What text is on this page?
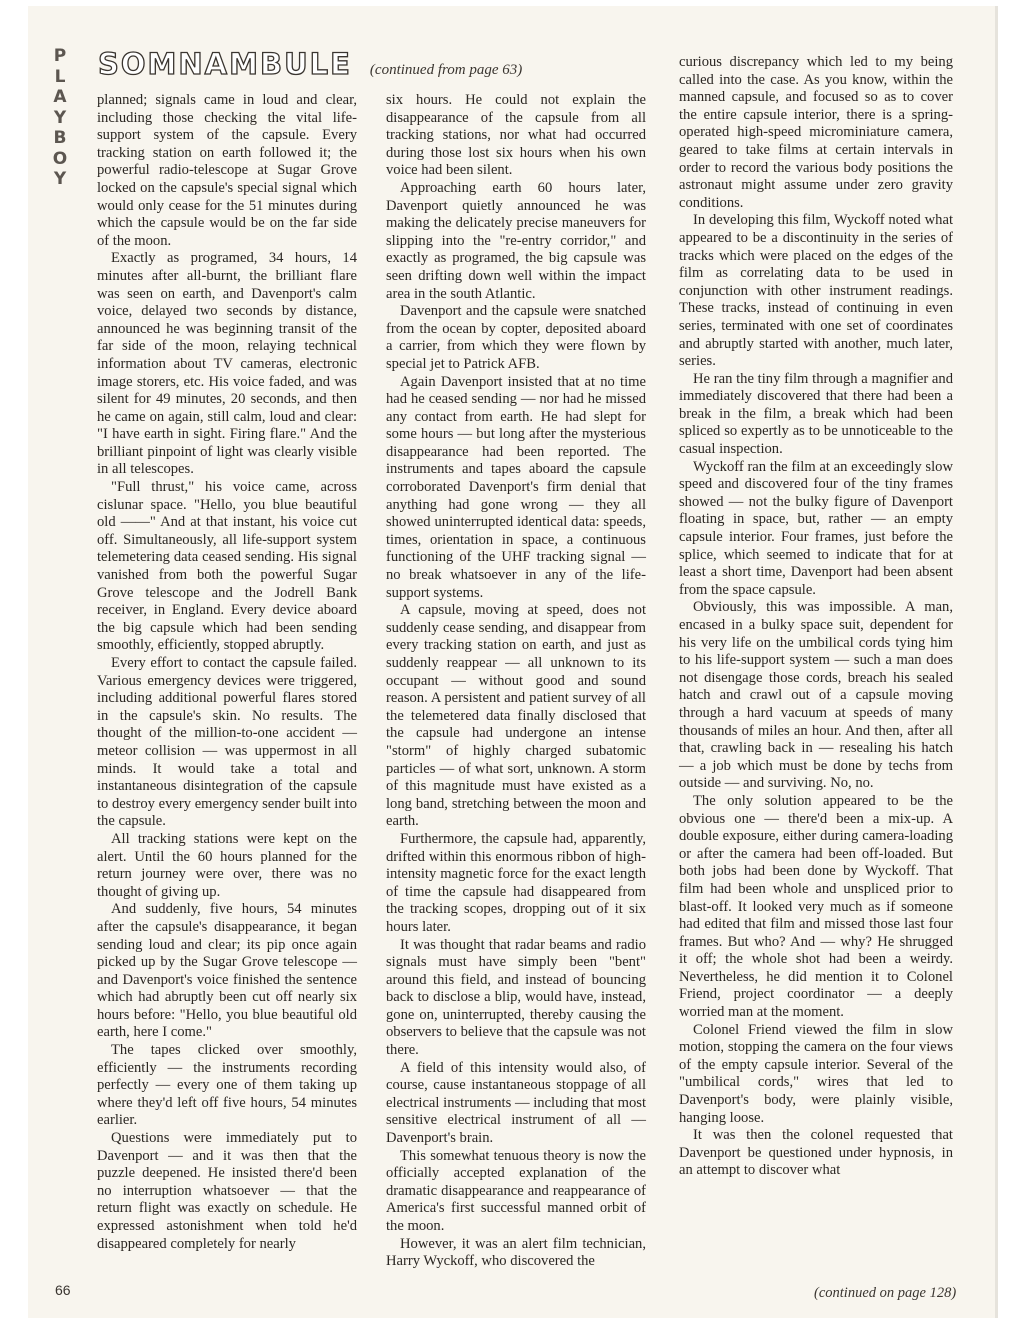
PLAYBOY
SOMNAMBULE (continued from page 63)

planned; signals came in loud and clear, including those checking the vital life-support system of the capsule. Every tracking station on earth followed it; the powerful radio-telescope at Sugar Grove locked on the capsule's special signal which would only cease for the 51 minutes during which the capsule would be on the far side of the moon.

Exactly as programed, 34 hours, 14 minutes after all-burnt, the brilliant flare was seen on earth, and Davenport's calm voice, delayed two seconds by distance, announced he was beginning transit of the far side of the moon, relaying technical information about TV cameras, electronic image storers, etc. His voice faded, and was silent for 49 minutes, 20 seconds, and then he came on again, still calm, loud and clear: "I have earth in sight. Firing flare." And the brilliant pinpoint of light was clearly visible in all telescopes.

"Full thrust," his voice came, across cislunar space. "Hello, you blue beautiful old ——" And at that instant, his voice cut off. Simultaneously, all life-support system telemetering data ceased sending. His signal vanished from both the powerful Sugar Grove telescope and the Jodrell Bank receiver, in England. Every device aboard the big capsule which had been sending smoothly, efficiently, stopped abruptly.

Every effort to contact the capsule failed. Various emergency devices were triggered, including additional powerful flares stored in the capsule's skin. No results. The thought of the million-to-one accident — meteor collision — was uppermost in all minds. It would take a total and instantaneous disintegration of the capsule to destroy every emergency sender built into the capsule.

All tracking stations were kept on the alert. Until the 60 hours planned for the return journey were over, there was no thought of giving up.

And suddenly, five hours, 54 minutes after the capsule's disappearance, it began sending loud and clear; its pip once again picked up by the Sugar Grove telescope — and Davenport's voice finished the sentence which had abruptly been cut off nearly six hours before: "Hello, you blue beautiful old earth, here I come."

The tapes clicked over smoothly, efficiently — the instruments recording perfectly — every one of them taking up where they'd left off five hours, 54 minutes earlier.

Questions were immediately put to Davenport — and it was then that the puzzle deepened. He insisted there'd been no interruption whatsoever — that the return flight was exactly on schedule. He expressed astonishment when told he'd disappeared completely for nearly

six hours. He could not explain the disappearance of the capsule from all tracking stations, nor what had occurred during those lost six hours when his own voice had been silent.

Approaching earth 60 hours later, Davenport quietly announced he was making the delicately precise maneuvers for slipping into the "re-entry corridor," and exactly as programed, the big capsule was seen drifting down well within the impact area in the south Atlantic.

Davenport and the capsule were snatched from the ocean by copter, deposited aboard a carrier, from which they were flown by special jet to Patrick AFB.

Again Davenport insisted that at no time had he ceased sending — nor had he missed any contact from earth. He had slept for some hours — but long after the mysterious disappearance had been reported. The instruments and tapes aboard the capsule corroborated Davenport's firm denial that anything had gone wrong — they all showed uninterrupted identical data: speeds, times, orientation in space, a continuous functioning of the UHF tracking signal — no break whatsoever in any of the life-support systems.

A capsule, moving at speed, does not suddenly cease sending, and disappear from every tracking station on earth, and just as suddenly reappear — all unknown to its occupant — without good and sound reason. A persistent and patient survey of all the telemetered data finally disclosed that the capsule had undergone an intense "storm" of highly charged subatomic particles — of what sort, unknown. A storm of this magnitude must have existed as a long band, stretching between the moon and earth.

Furthermore, the capsule had, apparently, drifted within this enormous ribbon of high-intensity magnetic force for the exact length of time the capsule had disappeared from the tracking scopes, dropping out of it six hours later.

It was thought that radar beams and radio signals must have simply been "bent" around this field, and instead of bouncing back to disclose a blip, would have, instead, gone on, uninterrupted, thereby causing the observers to believe that the capsule was not there.

A field of this intensity would also, of course, cause instantaneous stoppage of all electrical instruments — including that most sensitive electrical instrument of all — Davenport's brain.

This somewhat tenuous theory is now the officially accepted explanation of the dramatic disappearance and reappearance of America's first successful manned orbit of the moon.

However, it was an alert film technician, Harry Wyckoff, who discovered the

curious discrepancy which led to my being called into the case. As you know, within the manned capsule, and focused so as to cover the entire capsule interior, there is a spring-operated high-speed microminiature camera, geared to take films at certain intervals in order to record the various body positions the astronaut might assume under zero gravity conditions.

In developing this film, Wyckoff noted what appeared to be a discontinuity in the series of tracks which were placed on the edges of the film as correlating data to be used in conjunction with other instrument readings. These tracks, instead of continuing in even series, terminated with one set of coordinates and abruptly started with another, much later, series.

He ran the tiny film through a magnifier and immediately discovered that there had been a break in the film, a break which had been spliced so expertly as to be unnoticeable to the casual inspection.

Wyckoff ran the film at an exceedingly slow speed and discovered four of the tiny frames showed — not the bulky figure of Davenport floating in space, but, rather — an empty capsule interior. Four frames, just before the splice, which seemed to indicate that for at least a short time, Davenport had been absent from the space capsule.

Obviously, this was impossible. A man, encased in a bulky space suit, dependent for his very life on the umbilical cords tying him to his life-support system — such a man does not disengage those cords, breach his sealed hatch and crawl out of a capsule moving through a hard vacuum at speeds of many thousands of miles an hour. And then, after all that, crawling back in — resealing his hatch — a job which must be done by techs from outside — and surviving. No, no.

The only solution appeared to be the obvious one — there'd been a mix-up. A double exposure, either during camera-loading or after the camera had been off-loaded. But both jobs had been done by Wyckoff. That film had been whole and unspliced prior to blast-off. It looked very much as if someone had edited that film and missed those last four frames. But who? And — why? He shrugged it off; the whole shot had been a weirdy. Nevertheless, he did mention it to Colonel Friend, project coordinator — a deeply worried man at the moment.

Colonel Friend viewed the film in slow motion, stopping the camera on the four views of the empty capsule interior. Several of the "umbilical cords," wires that led to Davenport's body, were plainly visible, hanging loose.

It was then the colonel requested that Davenport be questioned under hypnosis, in an attempt to discover what

66	(continued on page 128)
